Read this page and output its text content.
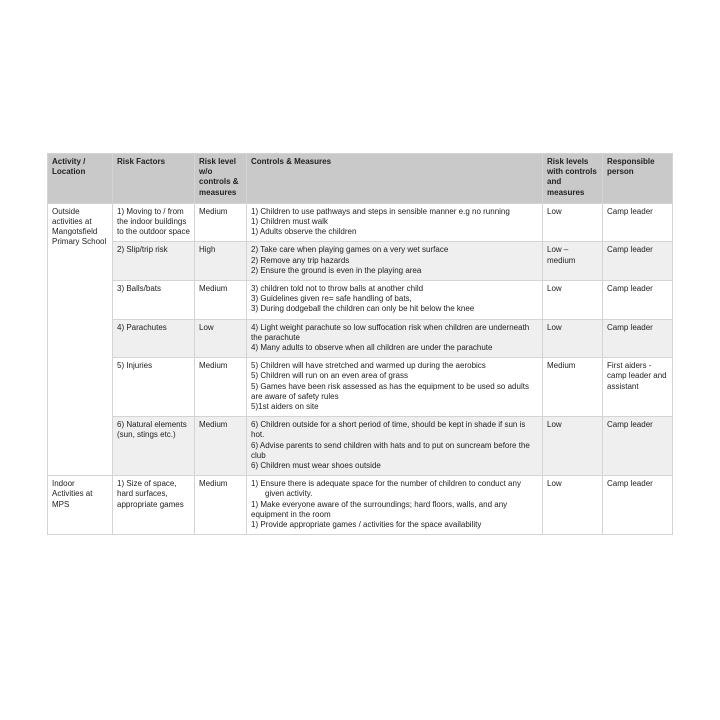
Activity / Location	Risk Factors	Risk level w/o controls & measures	Controls & Measures	Risk levels with controls and measures	Responsible person
Outside activities at Mangotsfield Primary School	1) Moving to / from the indoor buildings to the outdoor space	Medium	1) Children to use pathways and steps in sensible manner e.g no running
1) Children must walk
1) Adults observe the children	Low	Camp leader
	2) Slip/trip risk	High	2) Take care when playing games on a very wet surface
2) Remove any trip hazards
2) Ensure the ground is even in the playing area	Low – medium	Camp leader
	3) Balls/bats	Medium	3) children told not to throw balls at another child
3) Guidelines given re= safe handling of bats,
3) During dodgeball the children can only be hit below the knee	Low	Camp leader
	4) Parachutes	Low	4) Light weight parachute so low suffocation risk when children are underneath the parachute
4) Many adults to observe when all children are under the parachute	Low	Camp leader
	5) Injuries	Medium	5) Children will have stretched and warmed up during the aerobics
5) Children will run on an even area of grass
5) Games have been risk assessed as has the equipment to be used so adults are aware of safety rules
5)1st aiders on site	Medium	First aiders - camp leader and assistant
	6) Natural elements (sun, stings etc.)	Medium	6) Children outside for a short period of time, should be kept in shade if sun is hot.
6) Advise parents to send children with hats and to put on suncream before the club
6) Children must wear shoes outside	Low	Camp leader
Indoor Activities at MPS	1) Size of space, hard surfaces, appropriate games	Medium	1) Ensure there is adequate space for the number of children to conduct any given activity.
1) Make everyone aware of the surroundings; hard floors, walls, and any equipment in the room
1) Provide appropriate games / activities for the space availability	Low	Camp leader
